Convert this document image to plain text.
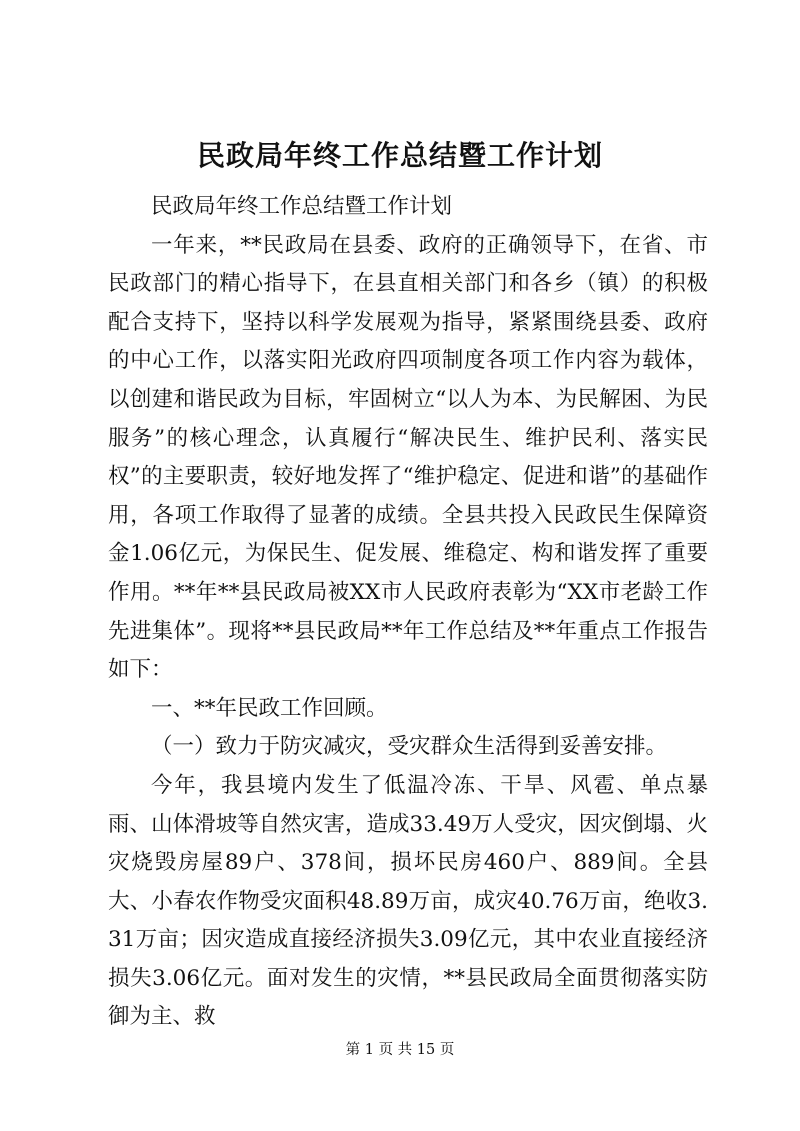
民政局年终工作总结暨工作计划

民政局年终工作总结暨工作计划

一年来，**民政局在县委、政府的正确领导下，在省、市民政部门的精心指导下，在县直相关部门和各乡（镇）的积极配合支持下，坚持以科学发展观为指导，紧紧围绕县委、政府的中心工作，以落实阳光政府四项制度各项工作内容为载体，以创建和谐民政为目标，牢固树立“以人为本、为民解困、为民服务”的核心理念，认真履行“解决民生、维护民利、落实民权”的主要职责，较好地发挥了“维护稳定、促进和谐”的基础作用，各项工作取得了显著的成绩。全县共投入民政民生保障资金1.06亿元，为保民生、促发展、维稳定、构和谐发挥了重要作用。**年**县民政局被XX市人民政府表彰为“XX市老龄工作先进集体”。现将**县民政局**年工作总结及**年重点工作报告如下：

一、**年民政工作回顾。

（一）致力于防灾减灾，受灾群众生活得到妥善安排。

今年，我县境内发生了低温冷冻、干旱、风雹、单点暴雨、山体滑坡等自然灾害，造成33.49万人受灾，因灾倒塌、火灾烧毁房屋89户、378间，损坏民房460户、889间。全县大、小春农作物受灾面积48.89万亩，成灾40.76万亩，绝收3.31万亩；因灾造成直接经济损失3.09亿元，其中农业直接经济损失3.06亿元。面对发生的灾情，**县民政局全面贯彻落实防御为主、救

第 1 页 共 15 页
